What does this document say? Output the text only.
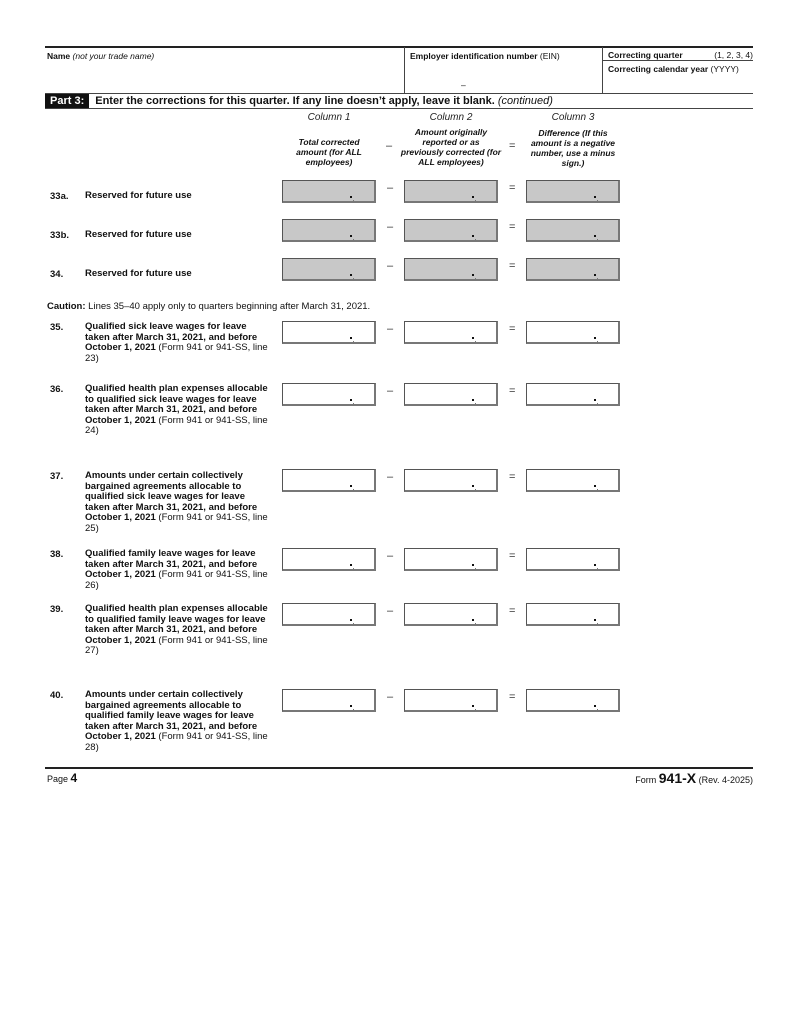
Name (not your trade name)	Employer identification number (EIN)
–
Correcting quarter	(1, 2, 3, 4)
Correcting calendar year (YYYY)
Part 3: Enter the corrections for this quarter. If any line doesn’t apply, leave it blank. (continued)
Column 1	Column 2	Column 3
Total corrected amount (for ALL employees)
–
Amount originally reported or as previously corrected (for ALL employees)
=
Difference (If this amount is a negative number, use a minus sign.)
33a. Reserved for future use
–	=
33b. Reserved for future use
–	=
34. Reserved for future use
–	=
35. Qualified sick leave wages for leave taken after March 31, 2021, and before October 1, 2021 (Form 941 or 941-SS, line 23)
–	=
36. Qualified health plan expenses allocable to qualified sick leave wages for leave taken after March 31, 2021, and before October 1, 2021 (Form 941 or 941-SS, line 24)
–	=
37. Amounts under certain collectively bargained agreements allocable to qualified sick leave wages for leave taken after March 31, 2021, and before October 1, 2021 (Form 941 or 941-SS, line 25)
–	=
38. Qualified family leave wages for leave taken after March 31, 2021, and before October 1, 2021 (Form 941 or 941-SS, line 26)
–	=
39. Qualified health plan expenses allocable to qualified family leave wages for leave taken after March 31, 2021, and before October 1, 2021 (Form 941 or 941-SS, line 27)
–	=
40. Amounts under certain collectively bargained agreements allocable to qualified family leave wages for leave taken after March 31, 2021, and before October 1, 2021 (Form 941 or 941-SS, line 28)
–	=
Caution: Lines 35–40 apply only to quarters beginning after March 31, 2021.
Page 4	Form 941-X (Rev. 4-2025)
